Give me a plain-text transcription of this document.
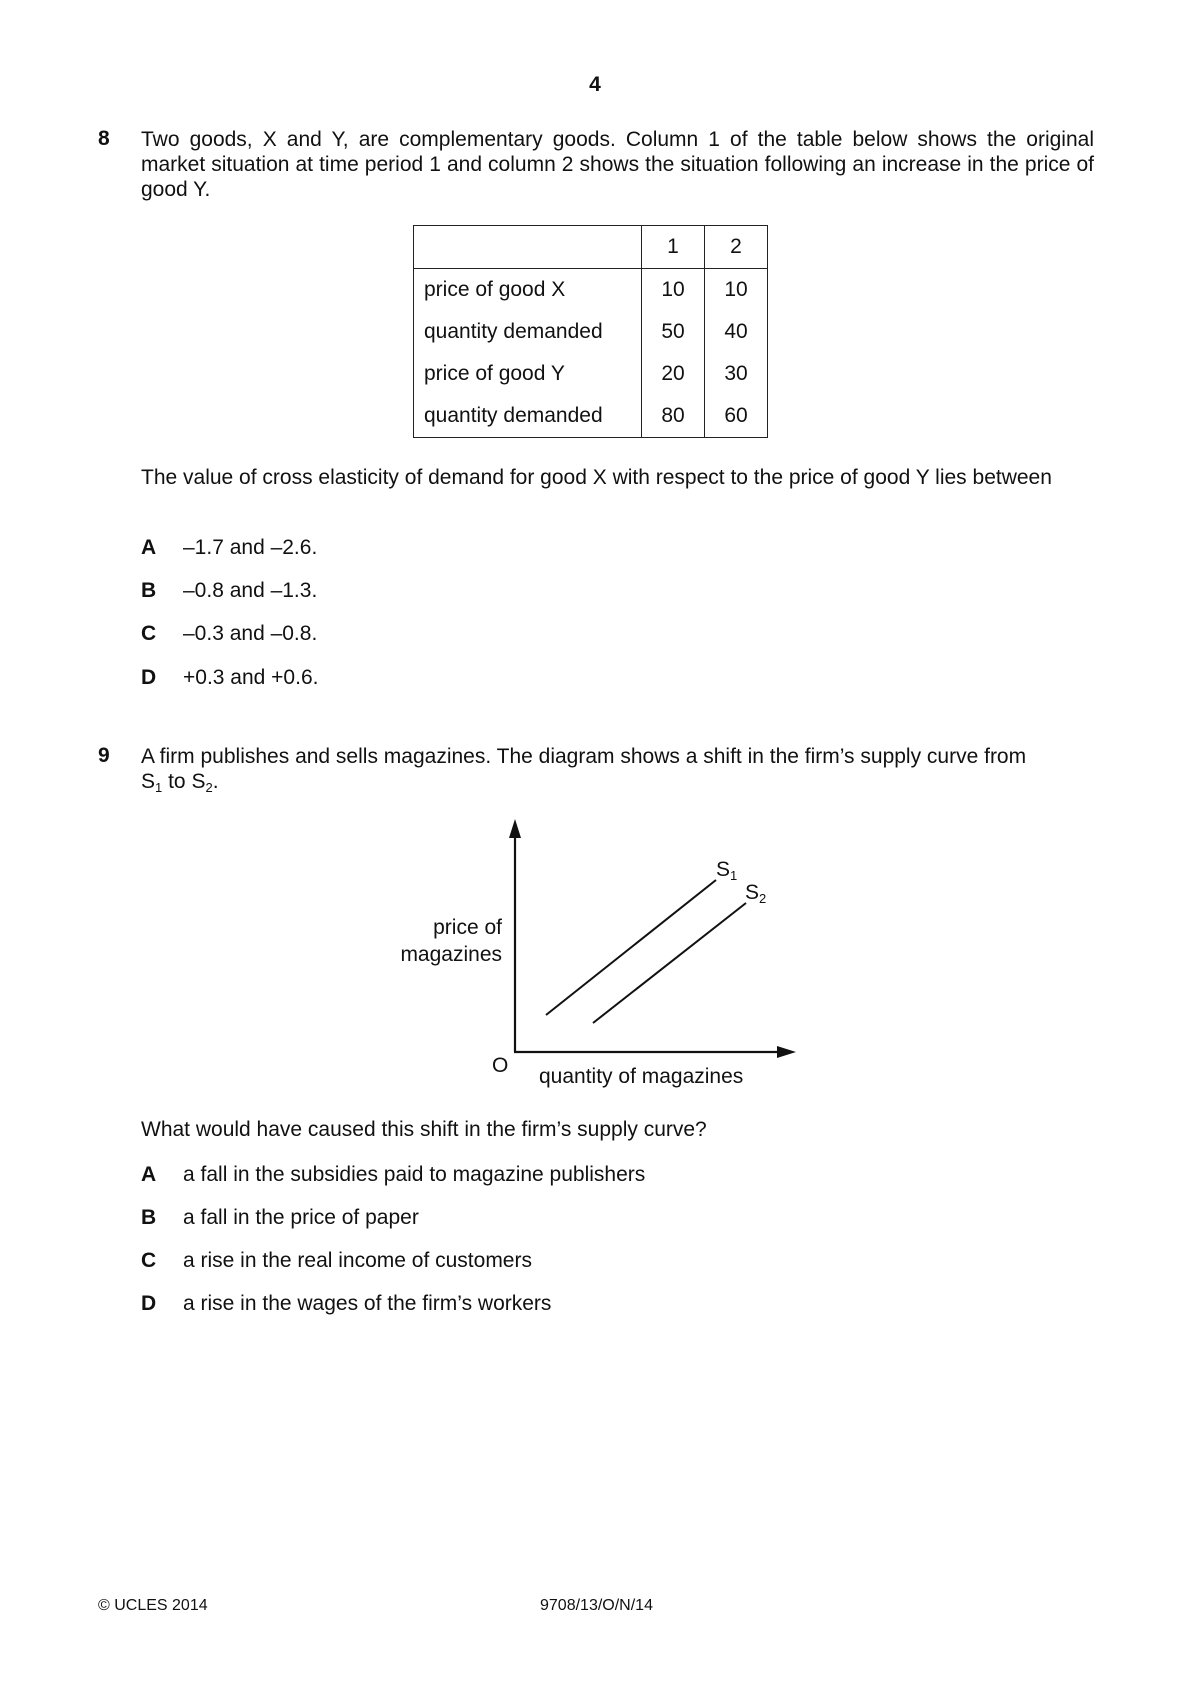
4
8 Two goods, X and Y, are complementary goods. Column 1 of the table below shows the original market situation at time period 1 and column 2 shows the situation following an increase in the price of good Y.
	1	2
price of good X	10	10
quantity demanded	50	40
price of good Y	20	30
quantity demanded	80	60
The value of cross elasticity of demand for good X with respect to the price of good Y lies between
A –1.7 and –2.6.
B –0.8 and –1.3.
C –0.3 and –0.8.
D +0.3 and +0.6.
9 A firm publishes and sells magazines. The diagram shows a shift in the firm’s supply curve from
$S_1$ to $S_2$.
price of
magazines
quantity of magazines
O
$S_1$
$S_2$
What would have caused this shift in the firm’s supply curve?
A a fall in the subsidies paid to magazine publishers
B a fall in the price of paper
C a rise in the real income of customers
D a rise in the wages of the firm’s workers
© UCLES 2014	9708/13/O/N/14
